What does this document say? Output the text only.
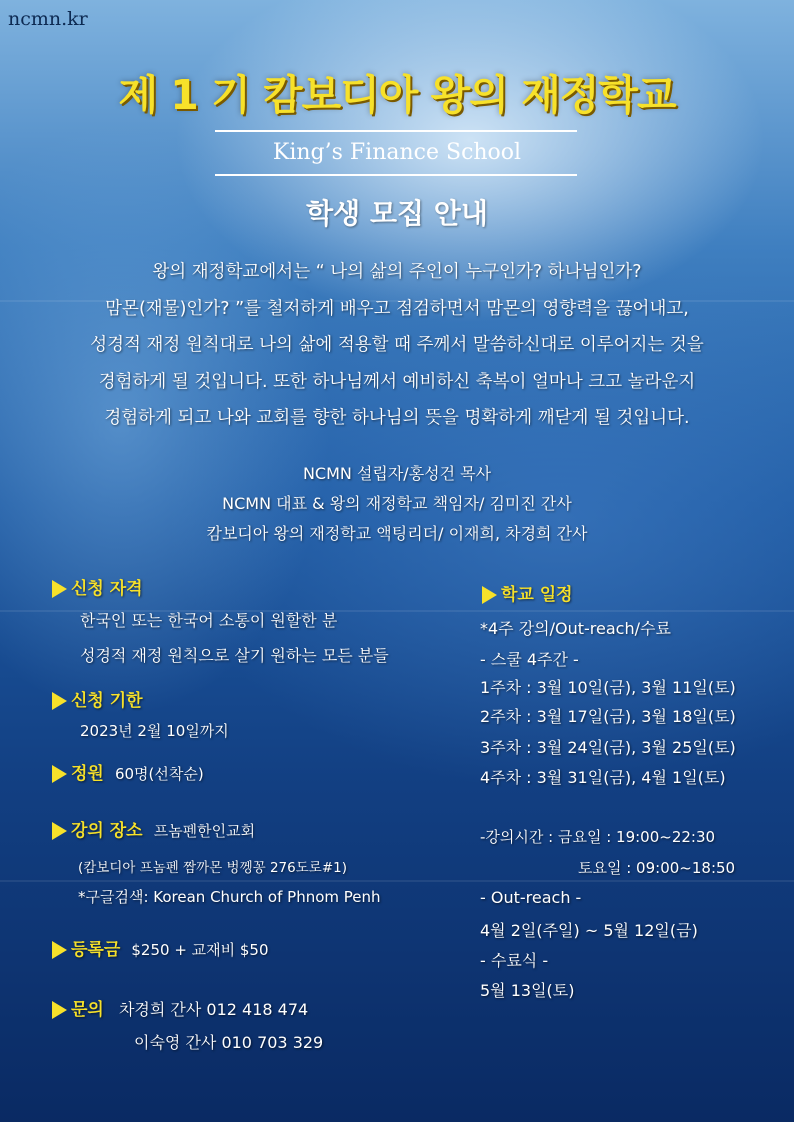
ncmn.kr
제 1 기 캄보디아 왕의 재정학교
King’s Finance School
학생 모집 안내

왕의 재정학교에서는 “ 나의 삶의 주인이 누구인가? 하나님인가?

맘몬(재물)인가? ”를 철저하게 배우고 점검하면서 맘몬의 영향력을 끊어내고,

성경적 재정 원칙대로 나의 삶에 적용할 때 주께서 말씀하신대로 이루어지는 것을

경험하게 될 것입니다. 또한 하나님께서 예비하신 축복이 얼마나 크고 놀라운지

경험하게 되고 나와 교회를 향한 하나님의 뜻을 명확하게 깨닫게 될 것입니다.

NCMN 설립자/홍성건 목사

NCMN 대표 & 왕의 재정학교 책임자/ 김미진 간사

캄보디아 왕의 재정학교 액팅리더/ 이재희, 차경희 간사

신청 자격
한국인 또는 한국어 소통이 원할한 분
성경적 재정 원칙으로 살기 원하는 모든 분들
신청 기한
2023년 2월 10일까지
정원 60명(선착순)
강의 장소 프놈펜한인교회
(캄보디아 프놈펜 짬까몬 벙껭꽁 276도로#1)
*구글검색: Korean Church of Phnom Penh
등록금 $250 + 교재비 $50
문의 차경희 간사 012 418 474
이숙영 간사 010 703 329
학교 일정
*4주 강의/Out-reach/수료
- 스쿨 4주간 -
1주차 : 3월 10일(금), 3월 11일(토)
2주차 : 3월 17일(금), 3월 18일(토)
3주차 : 3월 24일(금), 3월 25일(토)
4주차 : 3월 31일(금), 4월 1일(토)
-강의시간 : 금요일 : 19:00~22:30
토요일 : 09:00~18:50
- Out-reach -
4월 2일(주일) ~ 5월 12일(금)
- 수료식 -
5월 13일(토)
